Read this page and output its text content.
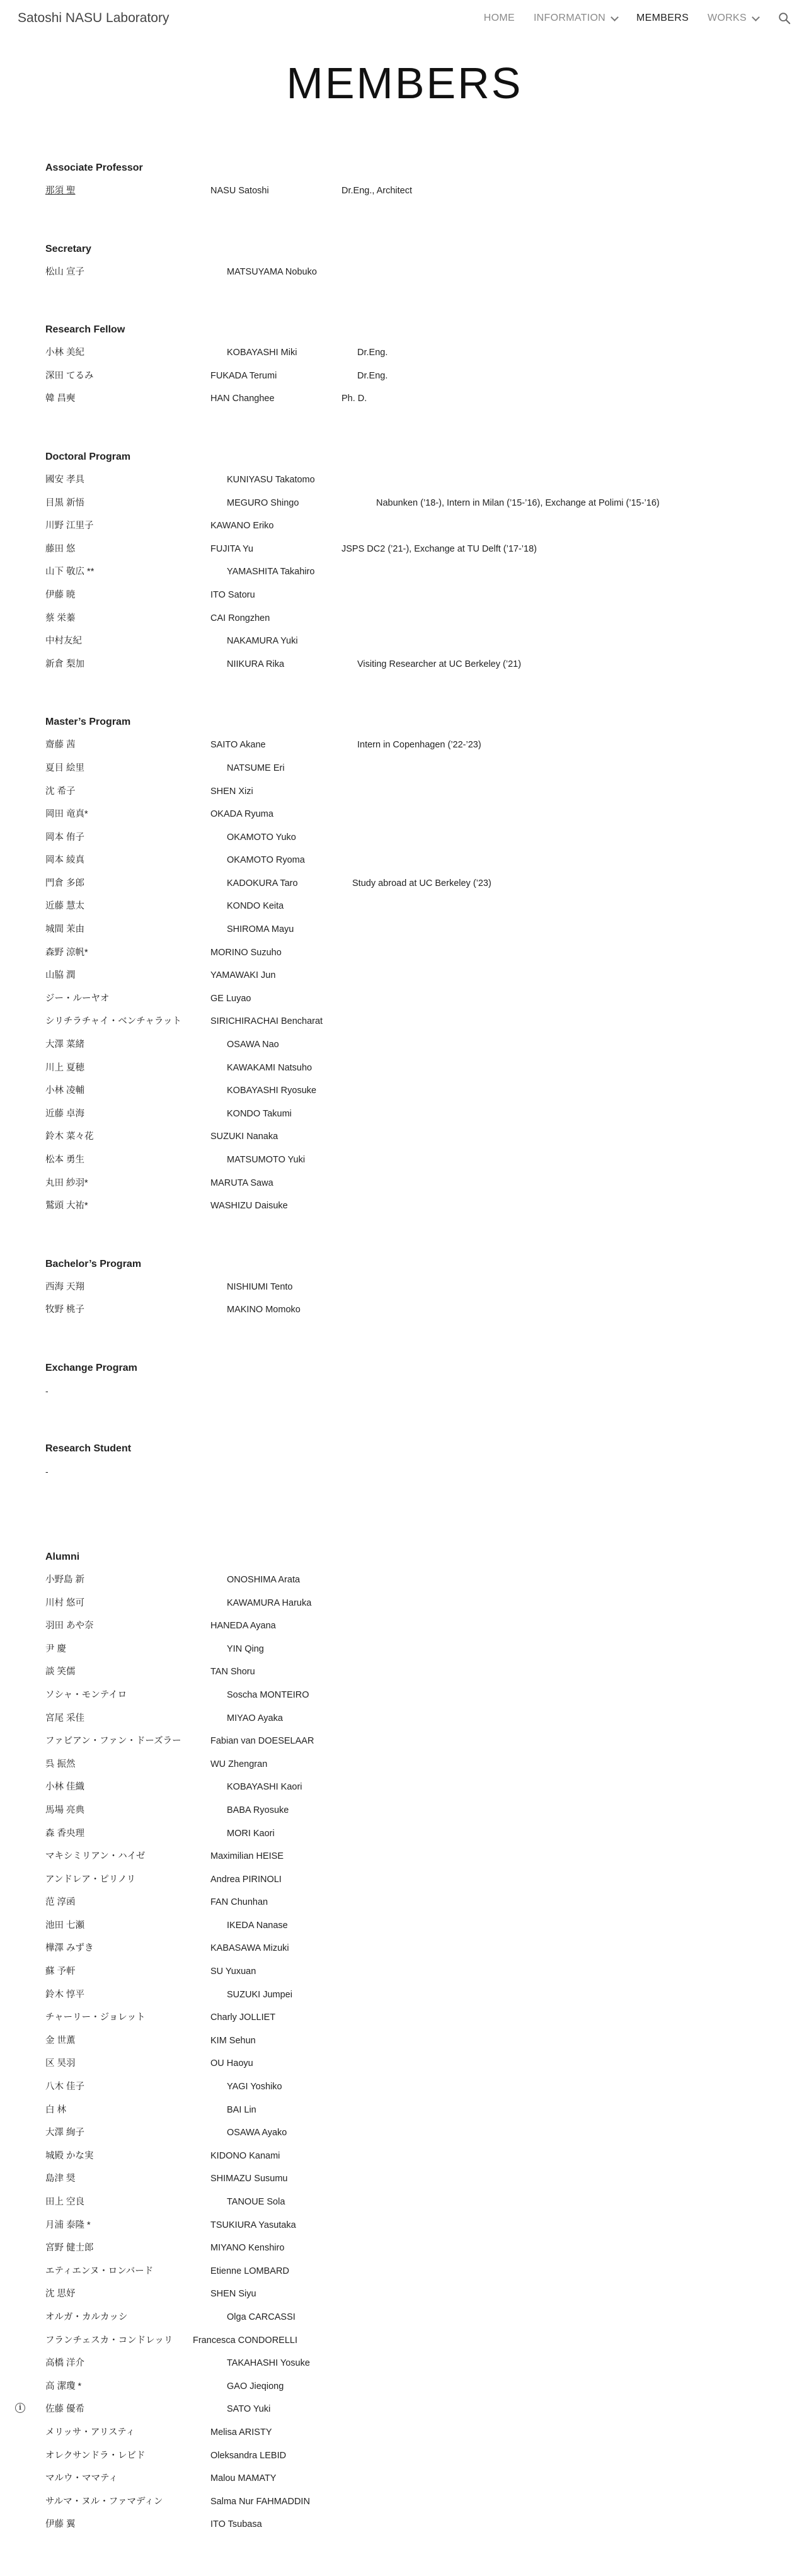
Satoshi NASU Laboratory	HOME INFORMATION	MEMBERS WORKS
MEMBERS
Associate Professor
那須 聖	NASU Satoshi	Dr.Eng., Architect
Secretary
松山 宣子	MATSUYAMA Nobuko
Research Fellow
小林 美紀	KOBAYASHI Miki	Dr.Eng.
深田 てるみ	FUKADA Terumi	Dr.Eng.
韓 昌奭	HAN Changhee	Ph. D.
Doctoral Program
國安 孝具	KUNIYASU Takatomo
目黒 新悟	MEGURO Shingo	Nabunken (’18-), Intern in Milan (’15-’16), Exchange at Polimi (’15-’16)
川野 江里子	KAWANO Eriko
藤田 悠	FUJITA Yu	JSPS DC2 (’21-), Exchange at TU Delft (’17-’18)
山下 敬広 **	YAMASHITA Takahiro
伊藤 暁	ITO Satoru
蔡 栄蓁	CAI Rongzhen
中村友紀	NAKAMURA Yuki
新倉 梨加	NIIKURA Rika	Visiting Researcher at UC Berkeley (’21)
Master’s Program
齋藤 茜	SAITO Akane	Intern in Copenhagen (’22-’23)
夏目 絵里	NATSUME Eri
沈 希子	SHEN Xizi
岡田 竜真*	OKADA Ryuma
岡本 侑子	OKAMOTO Yuko
岡本 綾真	OKAMOTO Ryoma
門倉 多郎	KADOKURA Taro	Study abroad at UC Berkeley (’23)
近藤 慧太	KONDO Keita
城間 茉由	SHIROMA Mayu
森野 涼帆*	MORINO Suzuho
山脇 潤	YAMAWAKI Jun
ジー・ルーヤオ	GE Luyao
シリチラチャイ・ベンチャラット	SIRICHIRACHAI Bencharat
大澤 菜緒	OSAWA Nao
川上 夏穂	KAWAKAMI Natsuho
小林 凌輔	KOBAYASHI Ryosuke
近藤 卓海	KONDO Takumi
鈴木 菜々花	SUZUKI Nanaka
松本 勇生	MATSUMOTO Yuki
丸田 紗羽*	MARUTA Sawa
鷲頭 大祐*	WASHIZU Daisuke
Bachelor’s Program
西海 天翔	NISHIUMI Tento
牧野 桃子	MAKINO Momoko
Exchange Program
-
Research Student
-
Alumni
小野島 新	ONOSHIMA Arata
川村 悠可	KAWAMURA Haruka
羽田 あや奈	HANEDA Ayana
尹 慶	YIN Qing
談 笑儒	TAN Shoru
ソシャ・モンテイロ	Soscha MONTEIRO
宮尾 采佳	MIYAO Ayaka
ファビアン・ファン・ドーズラー	Fabian van DOESELAAR
呉 振然	WU Zhengran
小林 佳織	KOBAYASHI Kaori
馬場 亮典	BABA Ryosuke
森 香央理	MORI Kaori
マキシミリアン・ハイゼ	Maximilian HEISE
アンドレア・ピリノリ	Andrea PIRINOLI
范 淳函	FAN Chunhan
池田 七瀬	IKEDA Nanase
樺澤 みずき	KABASAWA Mizuki
蘇 予軒	SU Yuxuan
鈴木 惇平	SUZUKI Jumpei
チャーリー・ジョレット	Charly JOLLIET
金 世薫	KIM Sehun
区 昊羽	OU Haoyu
八木 佳子	YAGI Yoshiko
白 林	BAI Lin
大澤 絢子	OSAWA Ayako
城殿 かな実	KIDONO Kanami
島津 奨	SHIMAZU Susumu
田上 空良	TANOUE Sola
月浦 泰隆 *	TSUKIURA Yasutaka
宮野 健士郎	MIYANO Kenshiro
エティエンヌ・ロンバード	Etienne LOMBARD
沈 思妤	SHEN Siyu
オルガ・カルカッシ	Olga CARCASSI
フランチェスカ・コンドレッリ Francesca CONDORELLI
高橋 洋介	TAKAHASHI Yosuke
高 潔瓊 *	GAO Jieqiong
佐藤 優希	SATO Yuki
メリッサ・アリスティ	Melisa ARISTY
オレクサンドラ・レビド	Oleksandra LEBID
マルウ・ママティ	Malou MAMATY
サルマ・ヌル・ファマディン	Salma Nur FAHMADDIN
伊藤 翼	ITO Tsubasa
i
